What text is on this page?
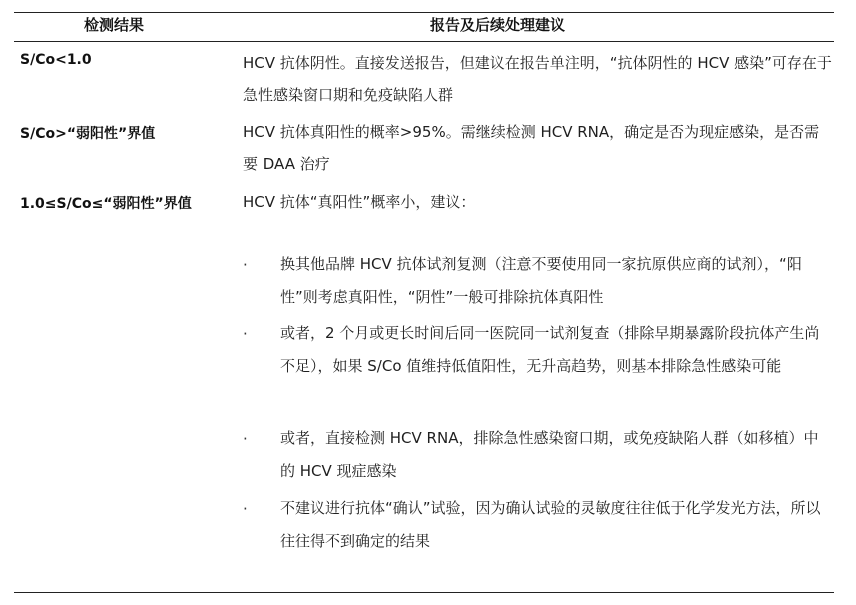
检测结果	报告及后续处理建议
S/Co<1.0	HCV 抗体阴性。直接发送报告，但建议在报告单注明，“抗体阴性的 HCV 感染”可存在于急性感染窗口期和免疫缺陷人群

S/Co>“弱阳性”界值	HCV 抗体真阳性的概率>95%。需继续检测 HCV RNA，确定是否为现症感染，是否需要 DAA 治疗

1.0≤S/Co≤“弱阳性”界值	HCV 抗体“真阳性”概率小，建议：

· 换其他品牌 HCV 抗体试剂复测（注意不要使用同一家抗原供应商的试剂），“阳性”则考虑真阳性，“阴性”一般可排除抗体真阳性

· 或者，2 个月或更长时间后同一医院同一试剂复查（排除早期暴露阶段抗体产生尚不足），如果 S/Co 值维持低值阳性，无升高趋势，则基本排除急性感染可能

· 或者，直接检测 HCV RNA，排除急性感染窗口期，或免疫缺陷人群（如移植）中的 HCV 现症感染

· 不建议进行抗体“确认”试验，因为确认试验的灵敏度往往低于化学发光方法，所以往往得不到确定的结果
